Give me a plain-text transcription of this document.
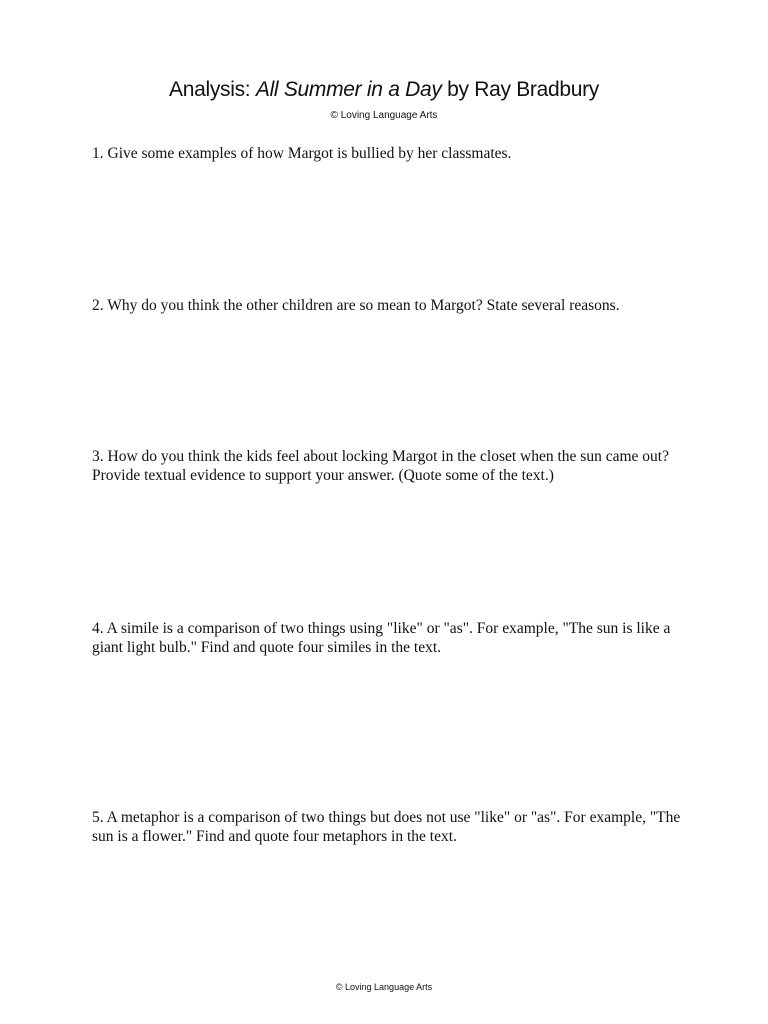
Analysis: All Summer in a Day by Ray Bradbury
© Loving Language Arts

1. Give some examples of how Margot is bullied by her classmates.

2. Why do you think the other children are so mean to Margot? State several reasons.

3. How do you think the kids feel about locking Margot in the closet when the sun came out? Provide textual evidence to support your answer. (Quote some of the text.)

4. A simile is a comparison of two things using "like" or "as". For example, "The sun is like a giant light bulb." Find and quote four similes in the text.

5. A metaphor is a comparison of two things but does not use "like" or "as". For example, "The sun is a flower." Find and quote four metaphors in the text.

© Loving Language Arts
